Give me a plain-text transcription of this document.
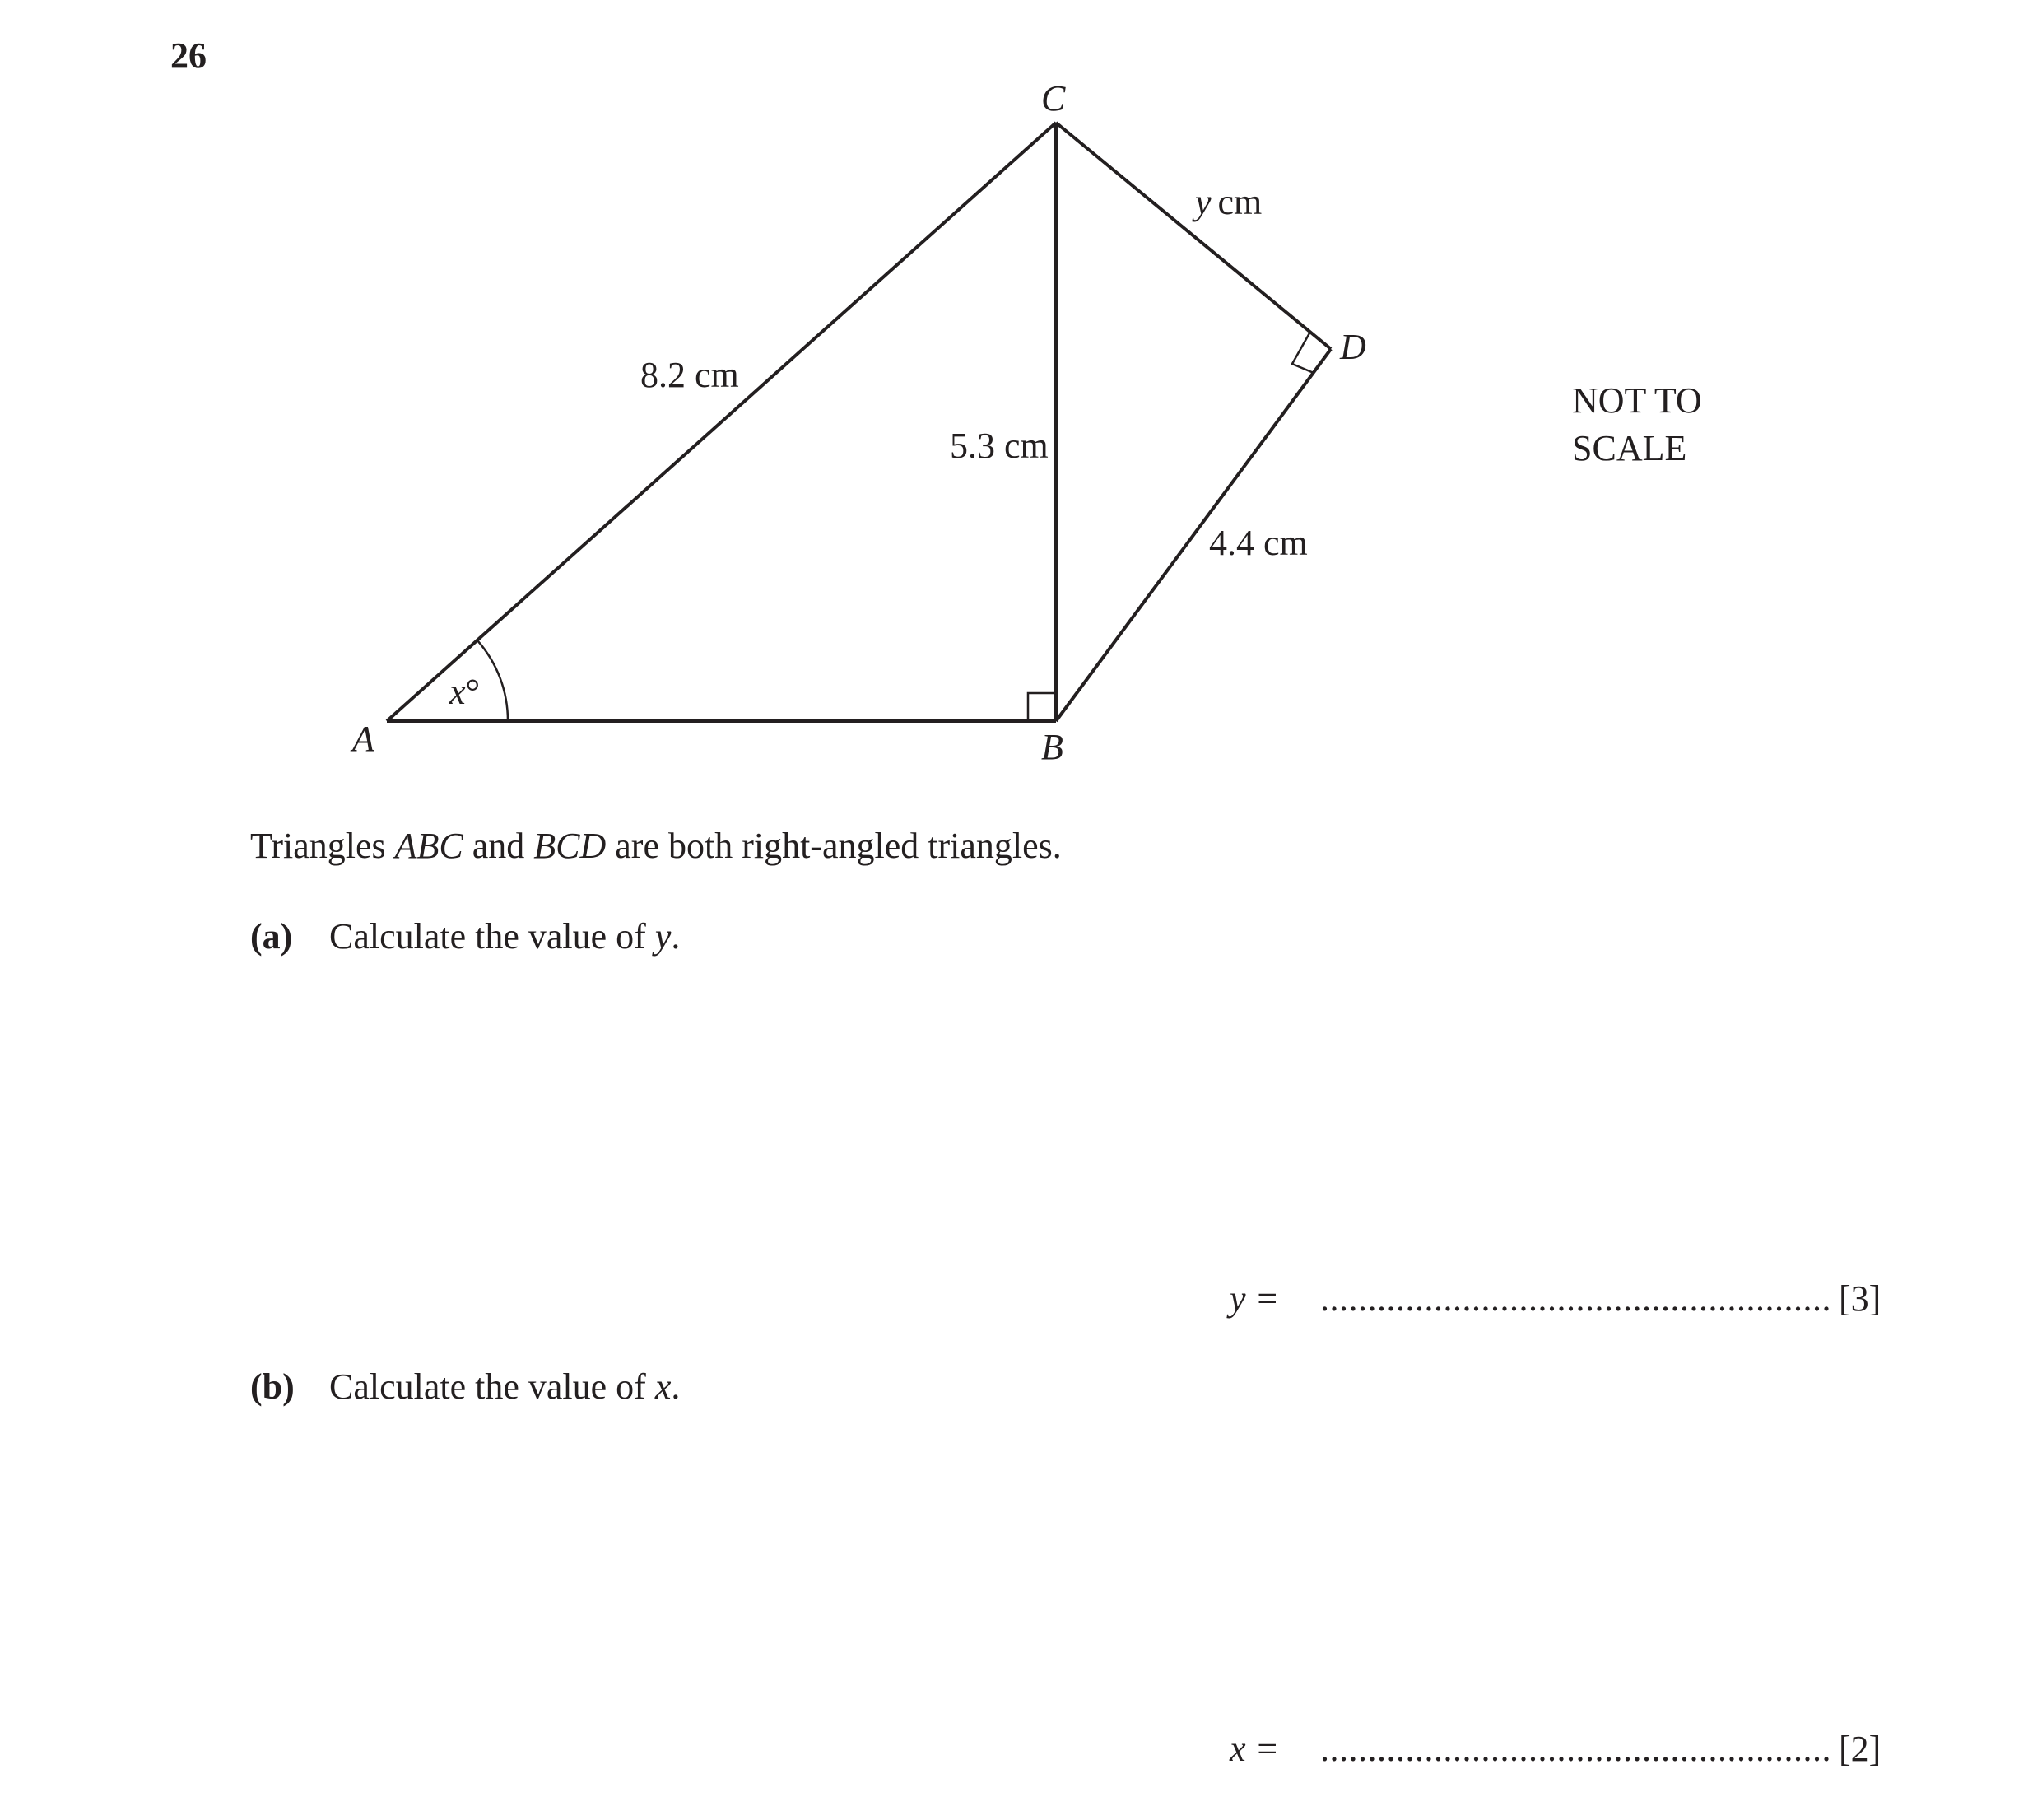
26
A	B
C
D
8.2 cm
5.3 cm
4.4 cm
y cm
x°
NOT TO
SCALE
Triangles ABC and BCD are both right-angled triangles.
(a) Calculate the value of y.
y = ...................................................... [3]
(b) Calculate the value of x.
x = ...................................................... [2]
